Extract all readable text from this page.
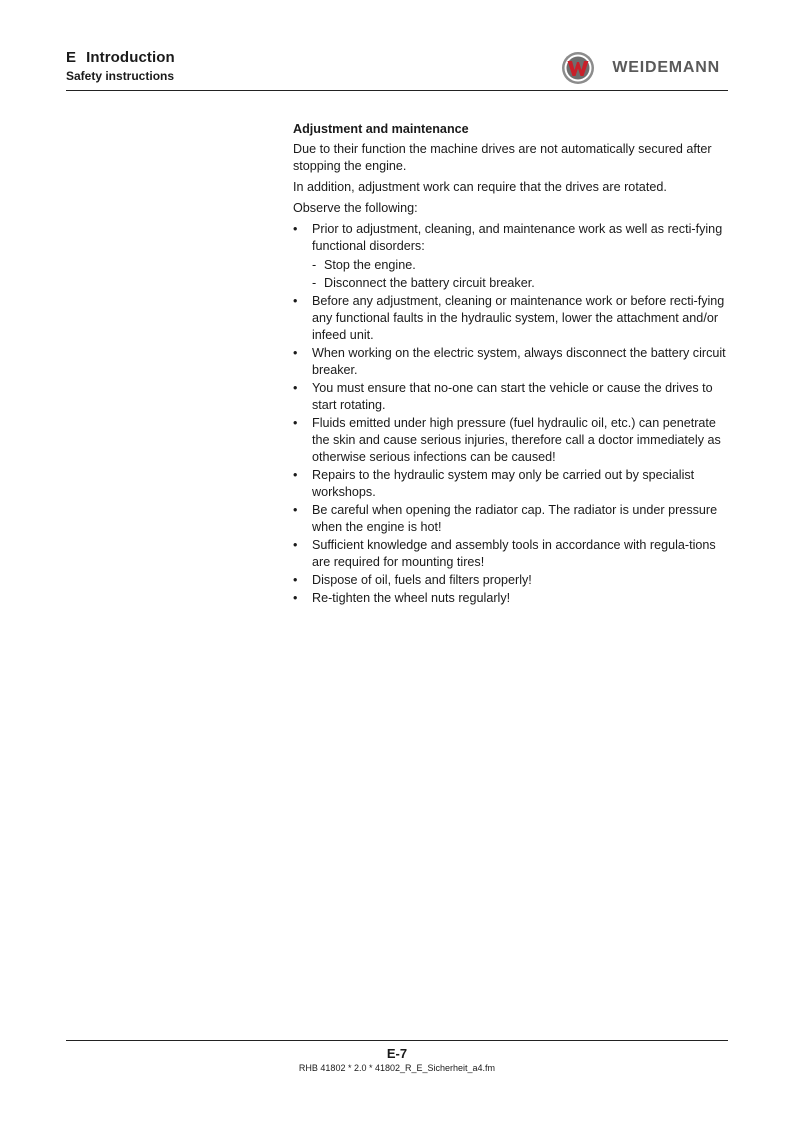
E Introduction
Safety instructions	WEIDEMANN
Adjustment and maintenance

Due to their function the machine drives are not automatically secured after stopping the engine.

In addition, adjustment work can require that the drives are rotated.

Observe the following:

• Prior to adjustment, cleaning, and maintenance work as well as recti-fying functional disorders:
- Stop the engine.
- Disconnect the battery circuit breaker.
• Before any adjustment, cleaning or maintenance work or before recti-fying any functional faults in the hydraulic system, lower the attachment and/or infeed unit.
• When working on the electric system, always disconnect the battery circuit breaker.
• You must ensure that no-one can start the vehicle or cause the drives to start rotating.
• Fluids emitted under high pressure (fuel hydraulic oil, etc.) can penetrate the skin and cause serious injuries, therefore call a doctor immediately as otherwise serious infections can be caused!
• Repairs to the hydraulic system may only be carried out by specialist workshops.
• Be careful when opening the radiator cap. The radiator is under pressure when the engine is hot!
• Sufficient knowledge and assembly tools in accordance with regula-tions are required for mounting tires!
• Dispose of oil, fuels and filters properly!
• Re-tighten the wheel nuts regularly!
E-7
RHB 41802 * 2.0 * 41802_R_E_Sicherheit_a4.fm
